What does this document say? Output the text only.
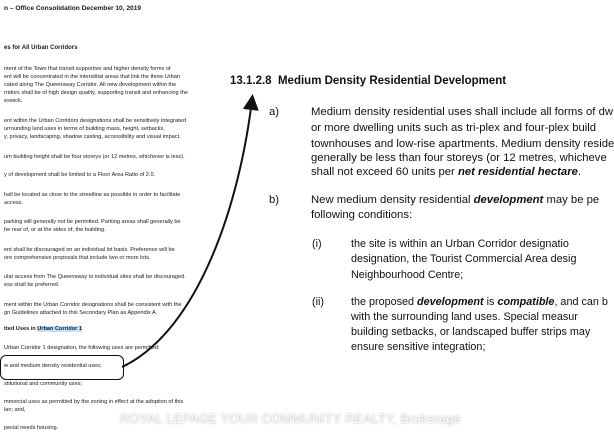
n – Office Consolidation December 10, 2019
es for All Urban Corridors
ntent of the Town that transit supportive and higher density forms of
ent will be concentrated in the interstitial areas that link the three Urban
cated along The Queensway Corridor. All new development within the
rridors shall be of high design quality, supporting transit and enhancing the
eswick.
ent within the Urban Corridors designations shall be sensitively integrated
urrounding land uses in terms of building mass, height, setbacks,
y, privacy, landscaping, shadow casting, accessibility and visual impact.
um building height shall be four storeys (or 12 metres, whichever is less).
y of development shall be limited to a Floor Area Ratio of 2.0.
hall be located as close to the streetline as possible in order to facilitate
access.
parking will generally not be permitted. Parking areas shall generally be
he rear of, or at the sides of, the building.
ent shall be discouraged on an individual lot basis. Preference will be
ore comprehensive proposals that include two or more lots.
ular access from The Queensway to individual sites shall be discouraged.
ess shall be preferred.
ment within the Urban Corridor designations shall be consistent with the
gn Guidelines attached to this Secondary Plan as Appendix A.
tted Uses in Urban Corridor 1
Urban Corridor 1 designation, the following uses are permitted:
w and medium density residential uses;
stitutional and community uses;
mmercial uses as permitted by the zoning in effect at the adoption of this
lan; and,
pecial needs housing.
13.1.2.8 Medium Density Residential Development
a)	Medium density residential uses shall include all forms of dw
or more dwelling units such as tri-plex and four-plex build
townhouses and low-rise apartments. Medium density reside
generally be less than four storeys (or 12 metres, whicheve
shall not exceed 60 units per net residential hectare.
b)	New medium density residential development may be pe
following conditions:
(i)	the site is within an Urban Corridor designatio
designation, the Tourist Commercial Area desig
Neighbourhood Centre;
(ii)	the proposed development is compatible, and can b
with the surrounding land uses. Special measur
building setbacks, or landscaped buffer strips may
ensure sensitive integration;
ROYAL LEPAGE YOUR COMMUNITY REALTY, Brokerage
